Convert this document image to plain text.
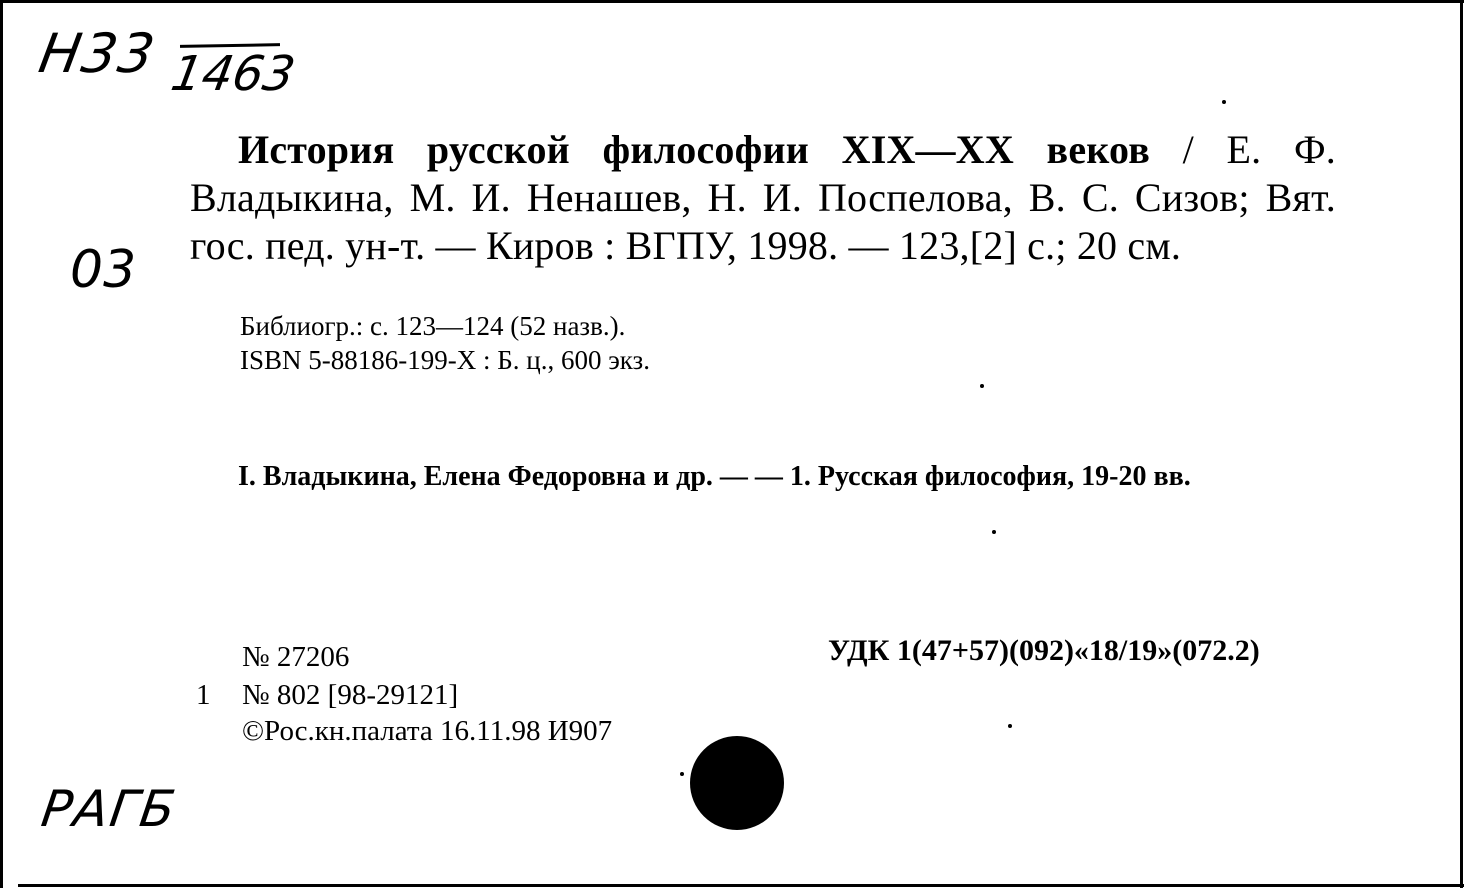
Н33 1463
03
РАГБ

История русской философии XIX—XX веков / Е. Ф. Владыкина, М. И. Ненашев, Н. И. Поспелова, В. С. Сизов; Вят. гос. пед. ун-т. — Киров : ВГПУ, 1998. — 123,[2] с.; 20 см.

Библиогр.: с. 123—124 (52 назв.).

ISBN 5-88186-199-X : Б. ц., 600 экз.

I. Владыкина, Елена Федоровна и др. — — 1. Русская философия, 19-20 вв.

№ 27206	УДК 1(47+57)(092)«18/19»(072.2)

1 № 802 [98-29121]

©Рос.кн.палата 16.11.98 И907
